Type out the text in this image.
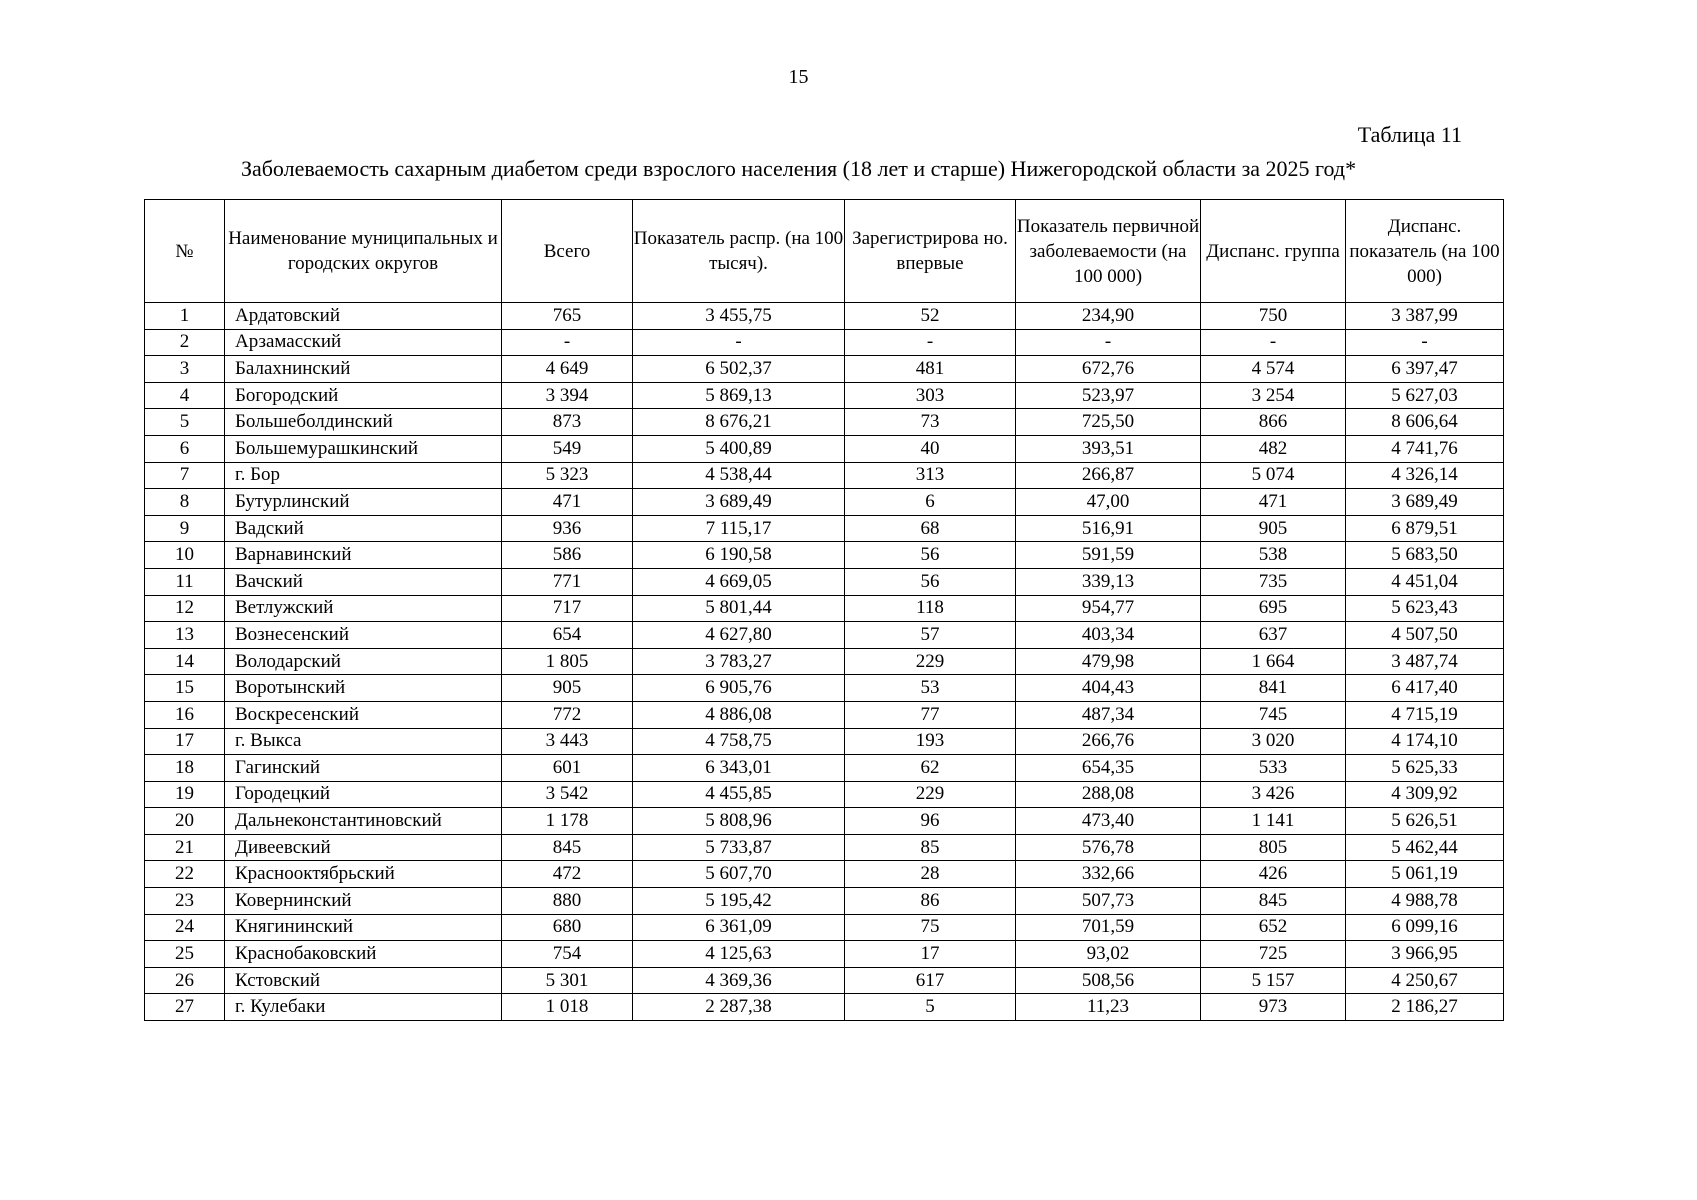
15
Таблица 11
Заболеваемость сахарным диабетом среди взрослого населения (18 лет и старше) Нижегородской области за 2025 год*
№	Наименование муниципальных и городских округов	Всего	Показатель распр. (на 100 тысяч).	Зарегистрирова но. впервые	Показатель первичной заболеваемости (на 100 000)	Диспанс. группа	Диспанс. показатель (на 100 000)
1	Ардатовский	765	3 455,75	52	234,90	750	3 387,99
2	Арзамасский	-	-	-	-	-	-
3	Балахнинский	4 649	6 502,37	481	672,76	4 574	6 397,47
4	Богородский	3 394	5 869,13	303	523,97	3 254	5 627,03
5	Большеболдинский	873	8 676,21	73	725,50	866	8 606,64
6	Большемурашкинский	549	5 400,89	40	393,51	482	4 741,76
7	г. Бор	5 323	4 538,44	313	266,87	5 074	4 326,14
8	Бутурлинский	471	3 689,49	6	47,00	471	3 689,49
9	Вадский	936	7 115,17	68	516,91	905	6 879,51
10	Варнавинский	586	6 190,58	56	591,59	538	5 683,50
11	Вачский	771	4 669,05	56	339,13	735	4 451,04
12	Ветлужский	717	5 801,44	118	954,77	695	5 623,43
13	Вознесенский	654	4 627,80	57	403,34	637	4 507,50
14	Володарский	1 805	3 783,27	229	479,98	1 664	3 487,74
15	Воротынский	905	6 905,76	53	404,43	841	6 417,40
16	Воскресенский	772	4 886,08	77	487,34	745	4 715,19
17	г. Выкса	3 443	4 758,75	193	266,76	3 020	4 174,10
18	Гагинский	601	6 343,01	62	654,35	533	5 625,33
19	Городецкий	3 542	4 455,85	229	288,08	3 426	4 309,92
20	Дальнеконстантиновский	1 178	5 808,96	96	473,40	1 141	5 626,51
21	Дивеевский	845	5 733,87	85	576,78	805	5 462,44
22	Краснооктябрьский	472	5 607,70	28	332,66	426	5 061,19
23	Ковернинский	880	5 195,42	86	507,73	845	4 988,78
24	Княгининский	680	6 361,09	75	701,59	652	6 099,16
25	Краснобаковский	754	4 125,63	17	93,02	725	3 966,95
26	Кстовский	5 301	4 369,36	617	508,56	5 157	4 250,67
27	г. Кулебаки	1 018	2 287,38	5	11,23	973	2 186,27
